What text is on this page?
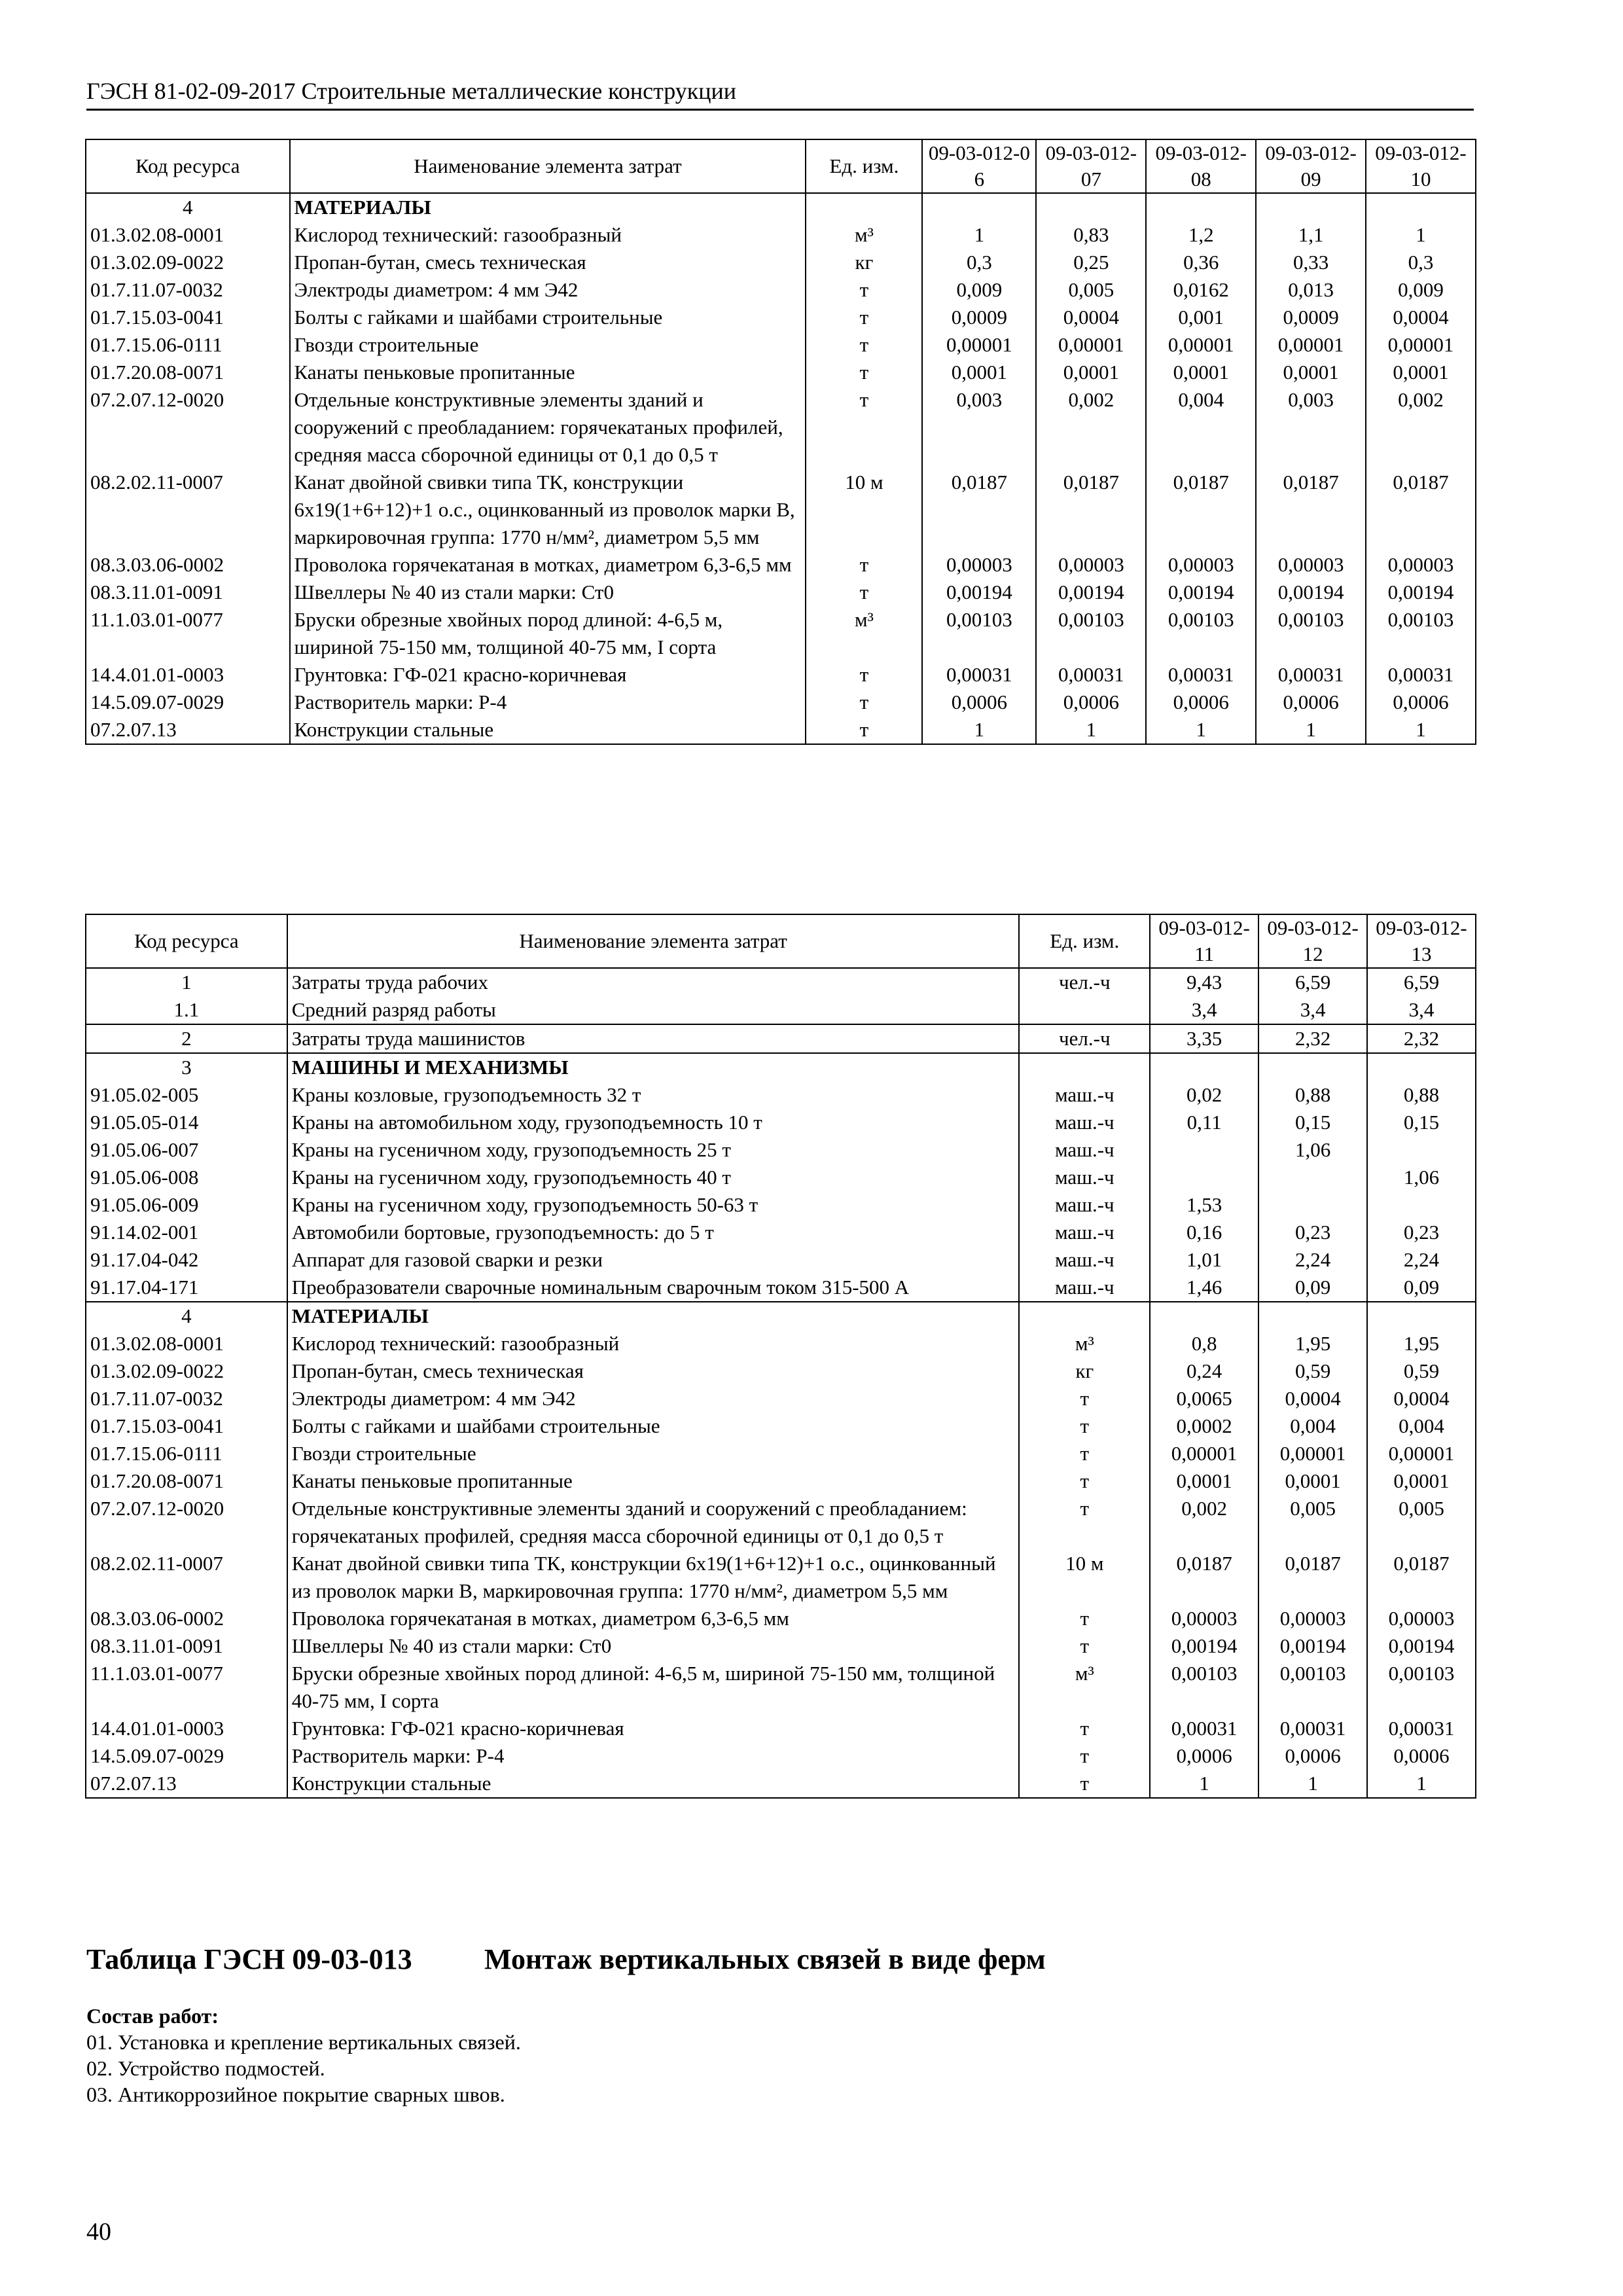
ГЭСН 81-02-09-2017 Строительные металлические конструкции
Код ресурса	Наименование элемента затрат	Ед. изм.	09-03-012-06	09-03-012-07	09-03-012-08	09-03-012-09	09-03-012-10
4	МАТЕРИАЛЫ						
01.3.02.08-0001	Кислород технический: газообразный	м³	1	0,83	1,2	1,1	1
01.3.02.09-0022	Пропан-бутан, смесь техническая	кг	0,3	0,25	0,36	0,33	0,3
01.7.11.07-0032	Электроды диаметром: 4 мм Э42	т	0,009	0,005	0,0162	0,013	0,009
01.7.15.03-0041	Болты с гайками и шайбами строительные	т	0,0009	0,0004	0,001	0,0009	0,0004
01.7.15.06-0111	Гвозди строительные	т	0,00001	0,00001	0,00001	0,00001	0,00001
01.7.20.08-0071	Канаты пеньковые пропитанные	т	0,0001	0,0001	0,0001	0,0001	0,0001
07.2.07.12-0020	Отдельные конструктивные элементы зданий и сооружений с преобладанием: горячекатаных профилей, средняя масса сборочной единицы от 0,1 до 0,5 т	т	0,003	0,002	0,004	0,003	0,002
08.2.02.11-0007	Канат двойной свивки типа ТК, конструкции 6х19(1+6+12)+1 о.с., оцинкованный из проволок марки В, маркировочная группа: 1770 н/мм², диаметром 5,5 мм	10 м	0,0187	0,0187	0,0187	0,0187	0,0187
08.3.03.06-0002	Проволока горячекатаная в мотках, диаметром 6,3-6,5 мм	т	0,00003	0,00003	0,00003	0,00003	0,00003
08.3.11.01-0091	Швеллеры № 40 из стали марки: Ст0	т	0,00194	0,00194	0,00194	0,00194	0,00194
11.1.03.01-0077	Бруски обрезные хвойных пород длиной: 4-6,5 м, шириной 75-150 мм, толщиной 40-75 мм, I сорта	м³	0,00103	0,00103	0,00103	0,00103	0,00103
14.4.01.01-0003	Грунтовка: ГФ-021 красно-коричневая	т	0,00031	0,00031	0,00031	0,00031	0,00031
14.5.09.07-0029	Растворитель марки: Р-4	т	0,0006	0,0006	0,0006	0,0006	0,0006
07.2.07.13	Конструкции стальные	т	1	1	1	1	1
Код ресурса	Наименование элемента затрат	Ед. изм.	09-03-012-11	09-03-012-12	09-03-012-13
1	Затраты труда рабочих	чел.-ч	9,43	6,59	6,59
1.1	Средний разряд работы		3,4	3,4	3,4
2	Затраты труда машинистов	чел.-ч	3,35	2,32	2,32
3	МАШИНЫ И МЕХАНИЗМЫ				
91.05.02-005	Краны козловые, грузоподъемность 32 т	маш.-ч	0,02	0,88	0,88
91.05.05-014	Краны на автомобильном ходу, грузоподъемность 10 т	маш.-ч	0,11	0,15	0,15
91.05.06-007	Краны на гусеничном ходу, грузоподъемность 25 т	маш.-ч		1,06	
91.05.06-008	Краны на гусеничном ходу, грузоподъемность 40 т	маш.-ч			1,06
91.05.06-009	Краны на гусеничном ходу, грузоподъемность 50-63 т	маш.-ч	1,53		
91.14.02-001	Автомобили бортовые, грузоподъемность: до 5 т	маш.-ч	0,16	0,23	0,23
91.17.04-042	Аппарат для газовой сварки и резки	маш.-ч	1,01	2,24	2,24
91.17.04-171	Преобразователи сварочные номинальным сварочным током 315-500 А	маш.-ч	1,46	0,09	0,09
4	МАТЕРИАЛЫ				
01.3.02.08-0001	Кислород технический: газообразный	м³	0,8	1,95	1,95
01.3.02.09-0022	Пропан-бутан, смесь техническая	кг	0,24	0,59	0,59
01.7.11.07-0032	Электроды диаметром: 4 мм Э42	т	0,0065	0,0004	0,0004
01.7.15.03-0041	Болты с гайками и шайбами строительные	т	0,0002	0,004	0,004
01.7.15.06-0111	Гвозди строительные	т	0,00001	0,00001	0,00001
01.7.20.08-0071	Канаты пеньковые пропитанные	т	0,0001	0,0001	0,0001
07.2.07.12-0020	Отдельные конструктивные элементы зданий и сооружений с преобладанием: горячекатаных профилей, средняя масса сборочной единицы от 0,1 до 0,5 т	т	0,002	0,005	0,005
08.2.02.11-0007	Канат двойной свивки типа ТК, конструкции 6х19(1+6+12)+1 о.с., оцинкованный из проволок марки В, маркировочная группа: 1770 н/мм², диаметром 5,5 мм	10 м	0,0187	0,0187	0,0187
08.3.03.06-0002	Проволока горячекатаная в мотках, диаметром 6,3-6,5 мм	т	0,00003	0,00003	0,00003
08.3.11.01-0091	Швеллеры № 40 из стали марки: Ст0	т	0,00194	0,00194	0,00194
11.1.03.01-0077	Бруски обрезные хвойных пород длиной: 4-6,5 м, шириной 75-150 мм, толщиной 40-75 мм, I сорта	м³	0,00103	0,00103	0,00103
14.4.01.01-0003	Грунтовка: ГФ-021 красно-коричневая	т	0,00031	0,00031	0,00031
14.5.09.07-0029	Растворитель марки: Р-4	т	0,0006	0,0006	0,0006
07.2.07.13	Конструкции стальные	т	1	1	1
Таблица ГЭСН 09-03-013	Монтаж вертикальных связей в виде ферм
Состав работ:
01. Установка и крепление вертикальных связей.
02. Устройство подмостей.
03. Антикоррозийное покрытие сварных швов.
40
